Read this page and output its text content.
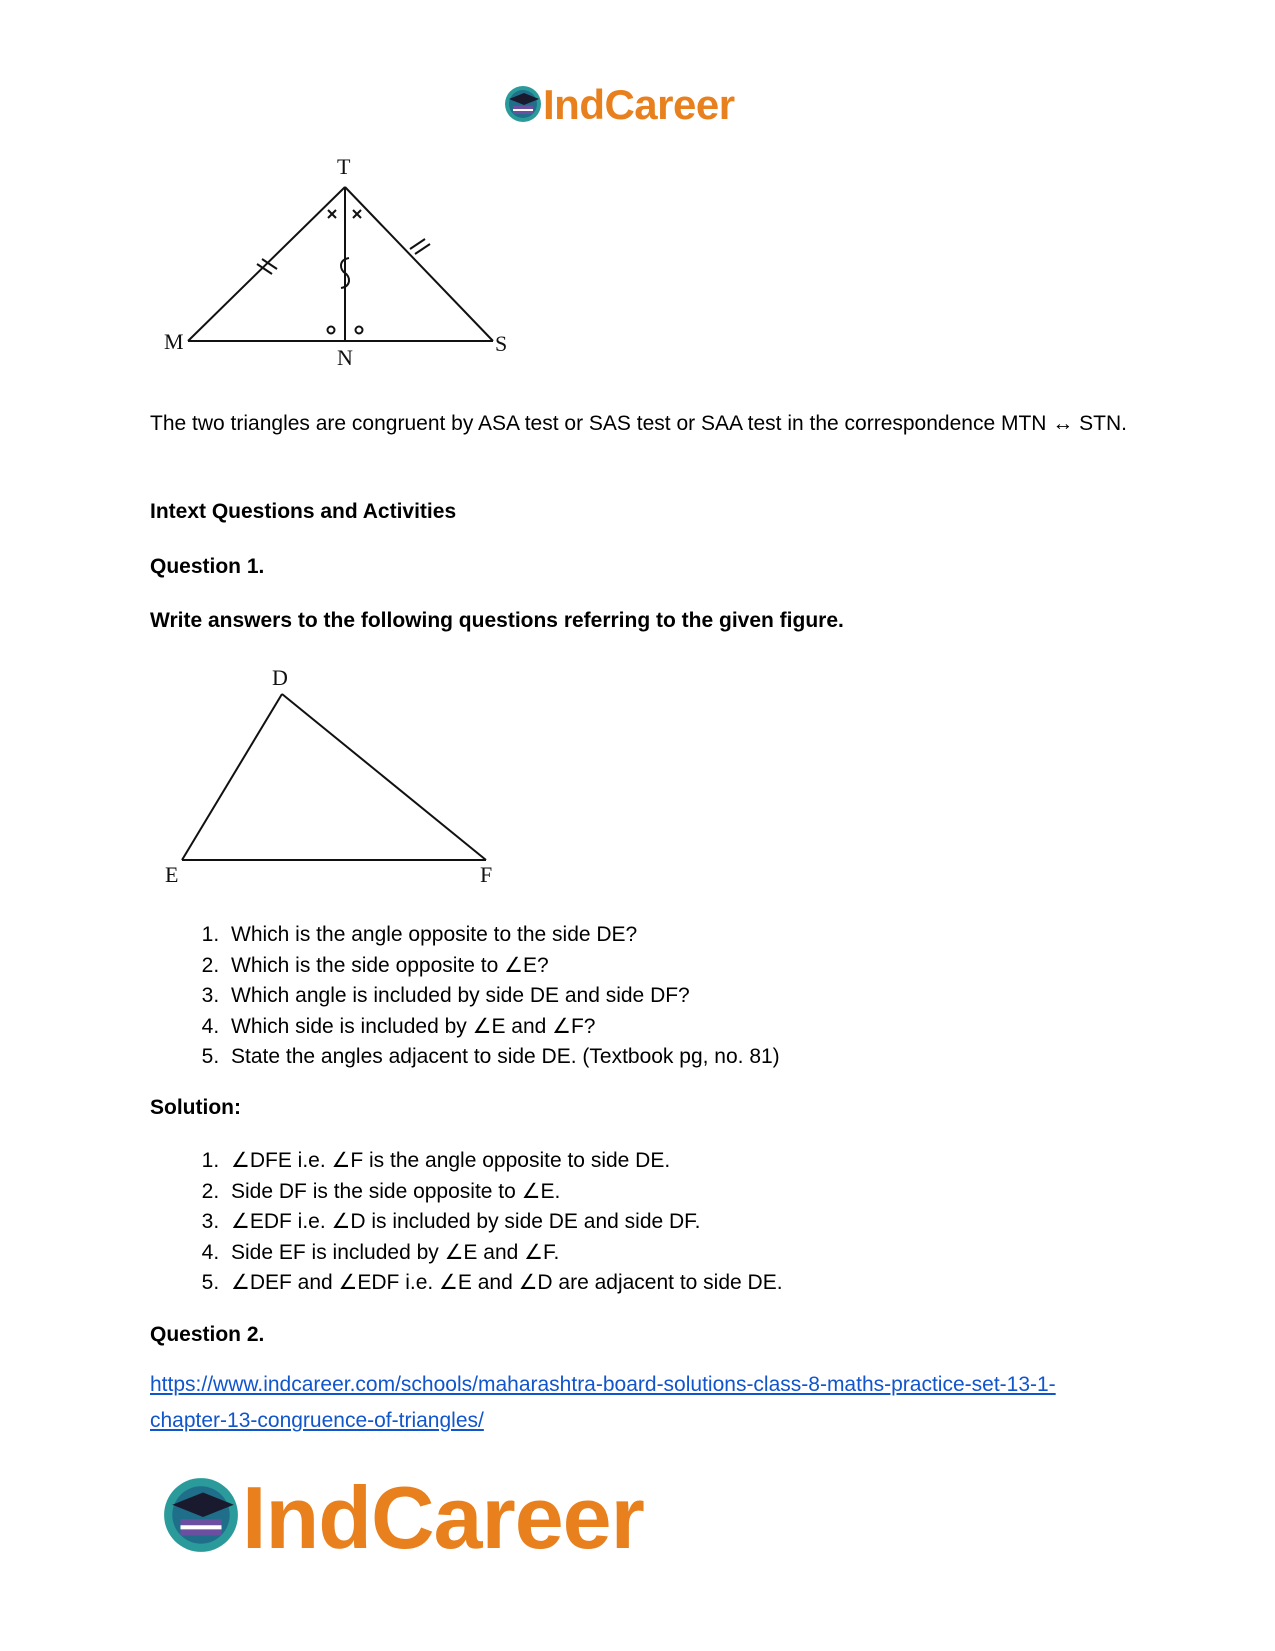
IndCareer
T
M
N
S
The two triangles are congruent by ASA test or SAS test or SAA test in the correspondence MTN ↔ STN.
Intext Questions and Activities
Question 1.
Write answers to the following questions referring to the given figure.
D
E	F
1. Which is the angle opposite to the side DE?
2. Which is the side opposite to ∠E?
3. Which angle is included by side DE and side DF?
4. Which side is included by ∠E and ∠F?
5. State the angles adjacent to side DE. (Textbook pg, no. 81)
Solution:
1. ∠DFE i.e. ∠F is the angle opposite to side DE.
2. Side DF is the side opposite to ∠E.
3. ∠EDF i.e. ∠D is included by side DE and side DF.
4. Side EF is included by ∠E and ∠F.
5. ∠DEF and ∠EDF i.e. ∠E and ∠D are adjacent to side DE.
Question 2.
https://www.indcareer.com/schools/maharashtra-board-solutions-class-8-maths-practice-set-13-1-chapter-13-congruence-of-triangles/
IndCareer
